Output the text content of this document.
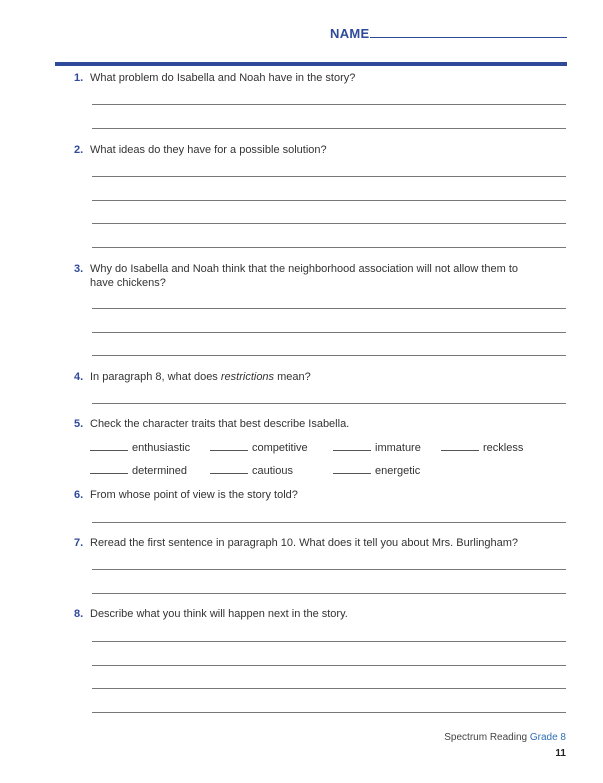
NAME
1. What problem do Isabella and Noah have in the story?
2. What ideas do they have for a possible solution?
3. Why do Isabella and Noah think that the neighborhood association will not allow them to
have chickens?
4. In paragraph 8, what does restrictions mean?
5. Check the character traits that best describe Isabella.
enthusiastic	competitive	immature	reckless
determined	cautious	energetic
6. From whose point of view is the story told?
7. Reread the first sentence in paragraph 10. What does it tell you about Mrs. Burlingham?
8. Describe what you think will happen next in the story.
Spectrum Reading Grade 8
11
